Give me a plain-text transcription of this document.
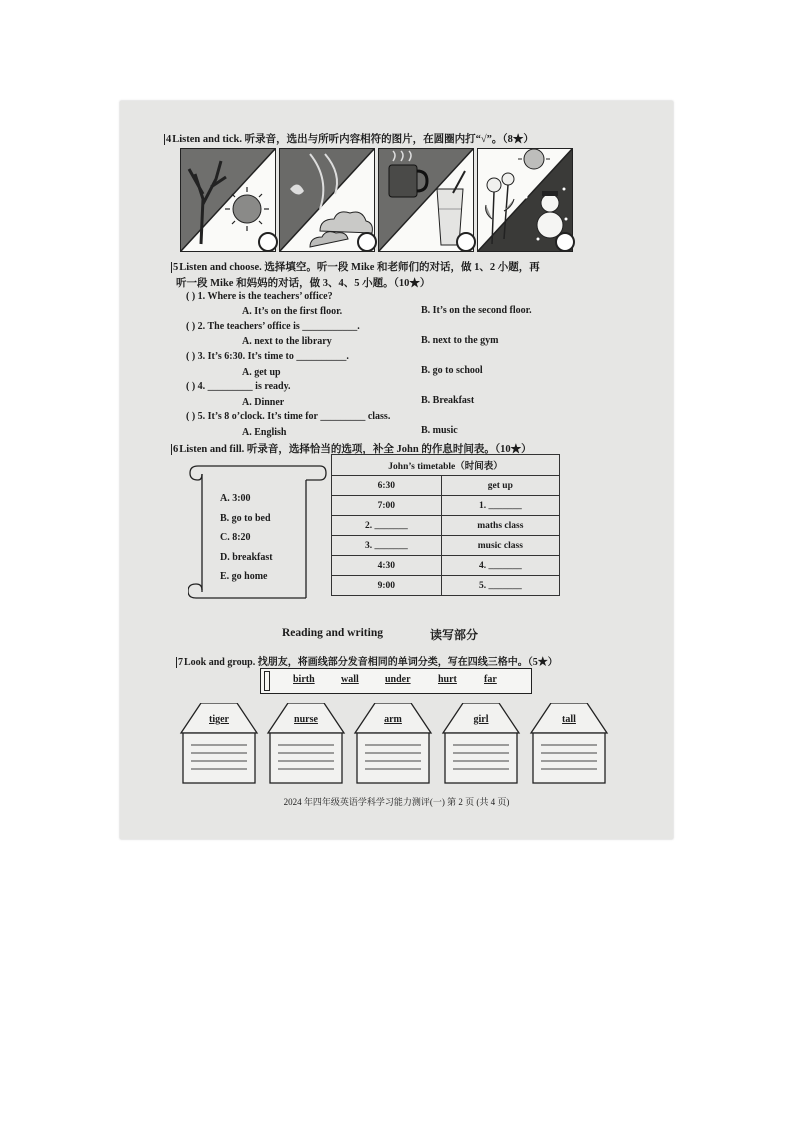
4Listen and tick. 听录音，选出与所听内容相符的图片，在圆圈内打“√”。（8★）
5Listen and choose. 选择填空。听一段 Mike 和老师们的对话，做 1、2 小题，再
听一段 Mike 和妈妈的对话，做 3、4、5 小题。（10★）
( ) 1. Where is the teachers’ office?
A. It’s on the first floor.	B. It’s on the second floor.
( ) 2. The teachers’ office is ___________.
A. next to the library	B. next to the gym
( ) 3. It’s 6:30. It’s time to __________.
A. get up	B. go to school
( ) 4. _________ is ready.
A. Dinner	B. Breakfast
( ) 5. It’s 8 o’clock. It’s time for _________ class.
A. English	B. music
6Listen and fill. 听录音，选择恰当的选项，补全 John 的作息时间表。（10★）
A. 3:00
B. go to bed
C. 8:20
D. breakfast
E. go home
John’s timetable（时间表）	
6:30	get up
7:00	1. _______
2. _______	maths class
3. _______	music class
4:30	4. _______
9:00	5. _______
Reading and writing	读写部分
7Look and group. 找朋友，将画线部分发音相同的单词分类，写在四线三格中。（5★）
birth	wall	under	hurt	far
tiger	nurse	arm	girl	tall
2024 年四年级英语学科学习能力测评(一) 第 2 页 (共 4 页)
